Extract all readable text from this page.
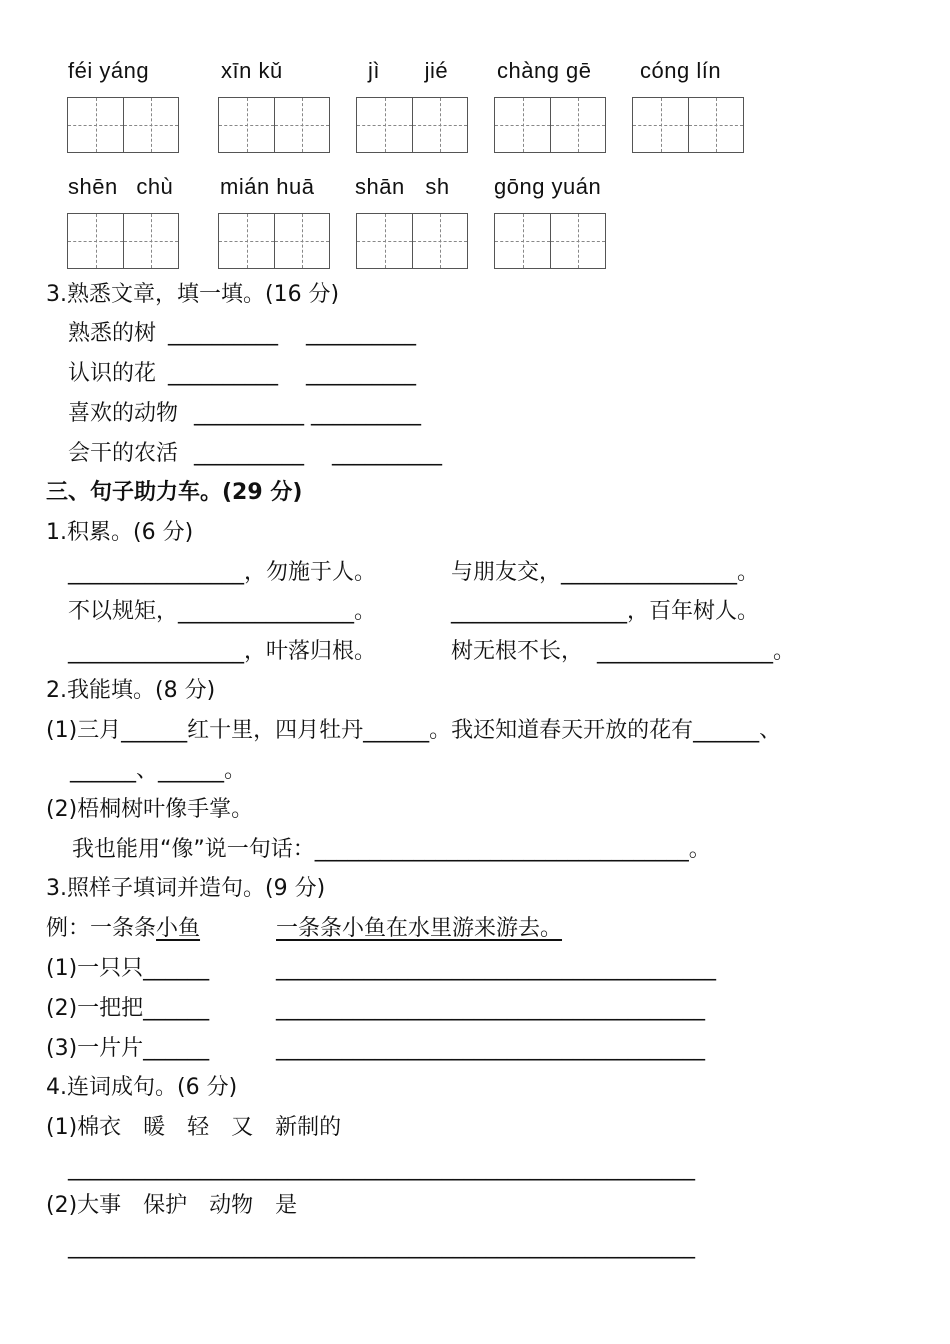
féi yáng	xīn kǔ	jì jié chàng gē cóng lín
shēn chù mián huā shān sh gōng yuán
3.熟悉文章，填一填。(16 分)
熟悉的树 __________    __________
认识的花 __________    __________
喜欢的动物 __________ __________
会干的农活 __________    __________
三、句子助力车。(29 分)
1.积累。(6 分)
________________，勿施于人。	与朋友交，________________。
不以规矩，________________。	________________，百年树人。
________________，叶落归根。	树无根不长，  ________________。
2.我能填。(8 分)
(1)三月______红十里，四月牡丹______。我还知道春天开放的花有______、
______、______。
(2)梧桐树叶像手掌。
我也能用“像”说一句话：__________________________________。
3.照样子填词并造句。(9 分)
例：一条条小鱼	一条条小鱼在水里游来游去。
(1)一只只______	________________________________________
(2)一把把______	_______________________________________
(3)一片片______	_______________________________________
4.连词成句。(6 分)
(1)棉衣　暖　轻　又　新制的
_________________________________________________________
(2)大事　保护　动物　是
_________________________________________________________
